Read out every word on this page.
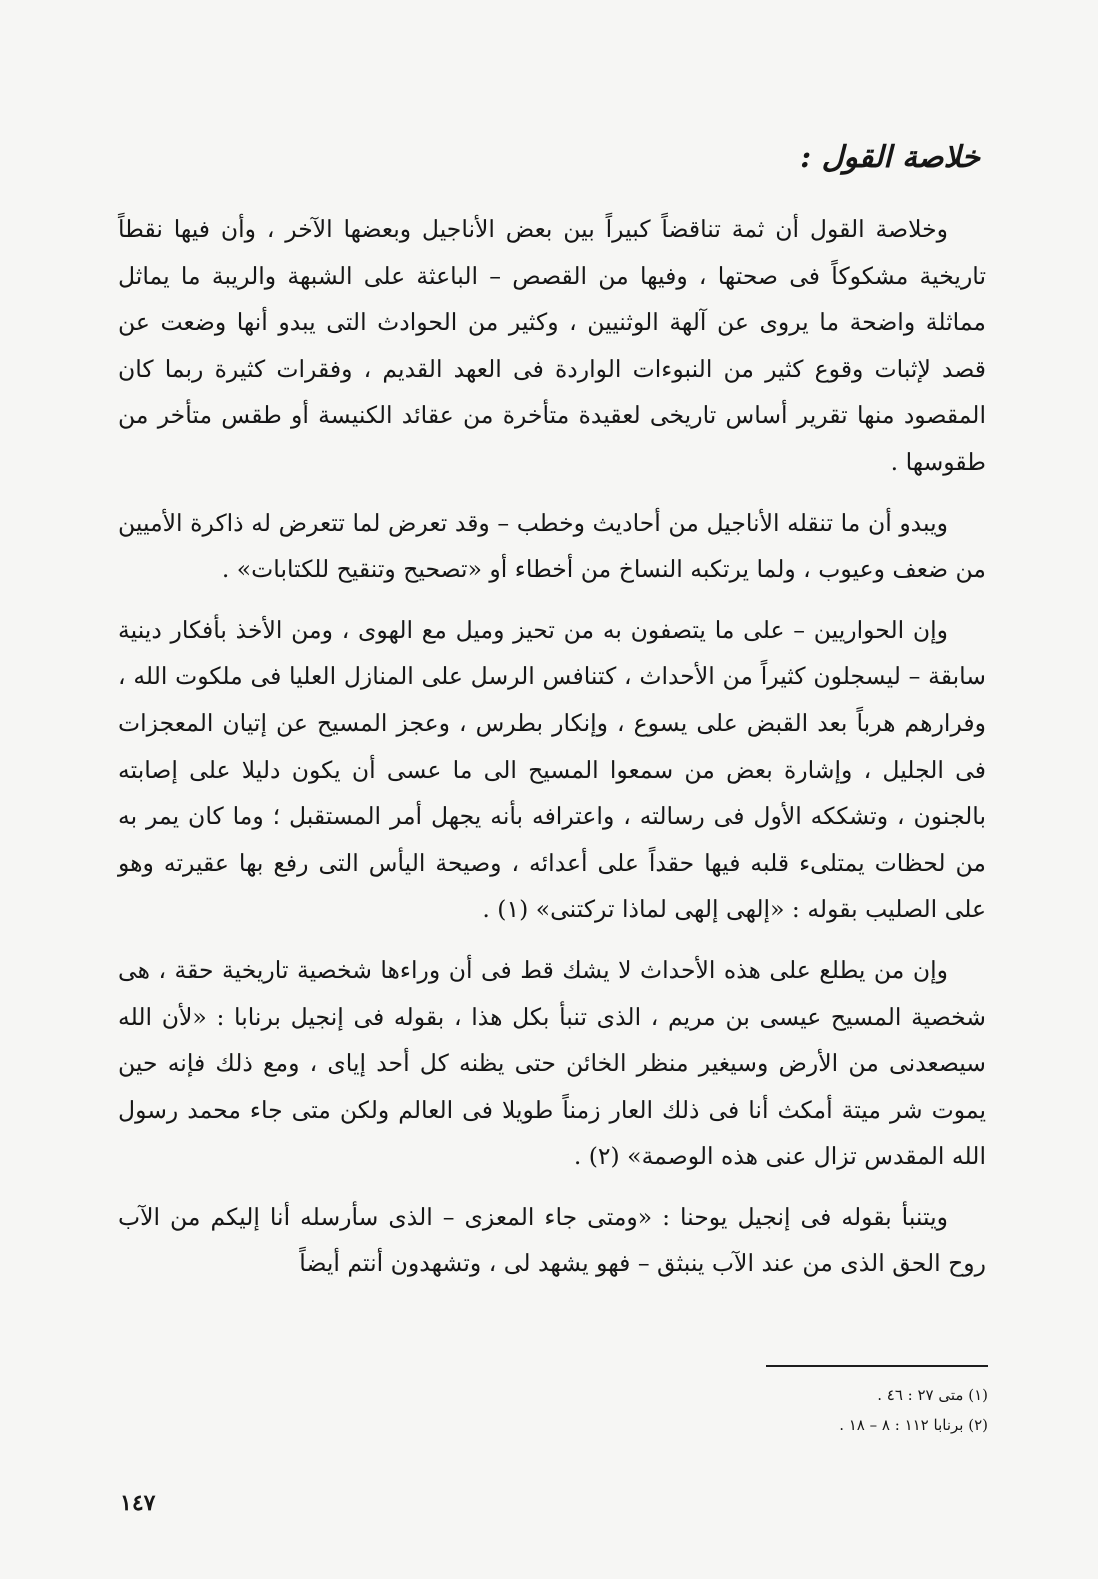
خلاصة القول :

وخلاصة القول أن ثمة تناقضاً كبيراً بين بعض الأناجيل وبعضها الآخر ، وأن فيها نقطاً تاريخية مشكوكاً فى صحتها ، وفيها من القصص – الباعثة على الشبهة والريبة ما يماثل مماثلة واضحة ما يروى عن آلهة الوثنيين ، وكثير من الحوادث التى يبدو أنها وضعت عن قصد لإثبات وقوع كثير من النبوءات الواردة فى العهد القديم ، وفقرات كثيرة ربما كان المقصود منها تقرير أساس تاريخى لعقيدة متأخرة من عقائد الكنيسة أو طقس متأخر من طقوسها .

ويبدو أن ما تنقله الأناجيل من أحاديث وخطب – وقد تعرض لما تتعرض له ذاكرة الأميين من ضعف وعيوب ، ولما يرتكبه النساخ من أخطاء أو «تصحيح وتنقيح للكتابات» .

وإن الحواريين – على ما يتصفون به من تحيز وميل مع الهوى ، ومن الأخذ بأفكار دينية سابقة – ليسجلون كثيراً من الأحداث ، كتنافس الرسل على المنازل العليا فى ملكوت الله ، وفرارهم هرباً بعد القبض على يسوع ، وإنكار بطرس ، وعجز المسيح عن إتيان المعجزات فى الجليل ، وإشارة بعض من سمعوا المسيح الى ما عسى أن يكون دليلا على إصابته بالجنون ، وتشككه الأول فى رسالته ، واعترافه بأنه يجهل أمر المستقبل ؛ وما كان يمر به من لحظات يمتلىء قلبه فيها حقداً على أعدائه ، وصيحة اليأس التى رفع بها عقيرته وهو على الصليب بقوله : «إلهى إلهى لماذا تركتنى» (١) .

وإن من يطلع على هذه الأحداث لا يشك قط فى أن وراءها شخصية تاريخية حقة ، هى شخصية المسيح عيسى بن مريم ، الذى تنبأ بكل هذا ، بقوله فى إنجيل برنابا : «لأن الله سيصعدنى من الأرض وسيغير منظر الخائن حتى يظنه كل أحد إياى ، ومع ذلك فإنه حين يموت شر ميتة أمكث أنا فى ذلك العار زمناً طويلا فى العالم ولكن متى جاء محمد رسول الله المقدس تزال عنى هذه الوصمة» (٢) .

ويتنبأ بقوله فى إنجيل يوحنا : «ومتى جاء المعزى – الذى سأرسله أنا إليكم من الآب روح الحق الذى من عند الآب ينبثق – فهو يشهد لى ، وتشهدون أنتم أيضاً

(١) متى ٢٧ : ٤٦ .

(٢) برنابا ١١٢ : ٨ – ١٨ .

١٤٧
